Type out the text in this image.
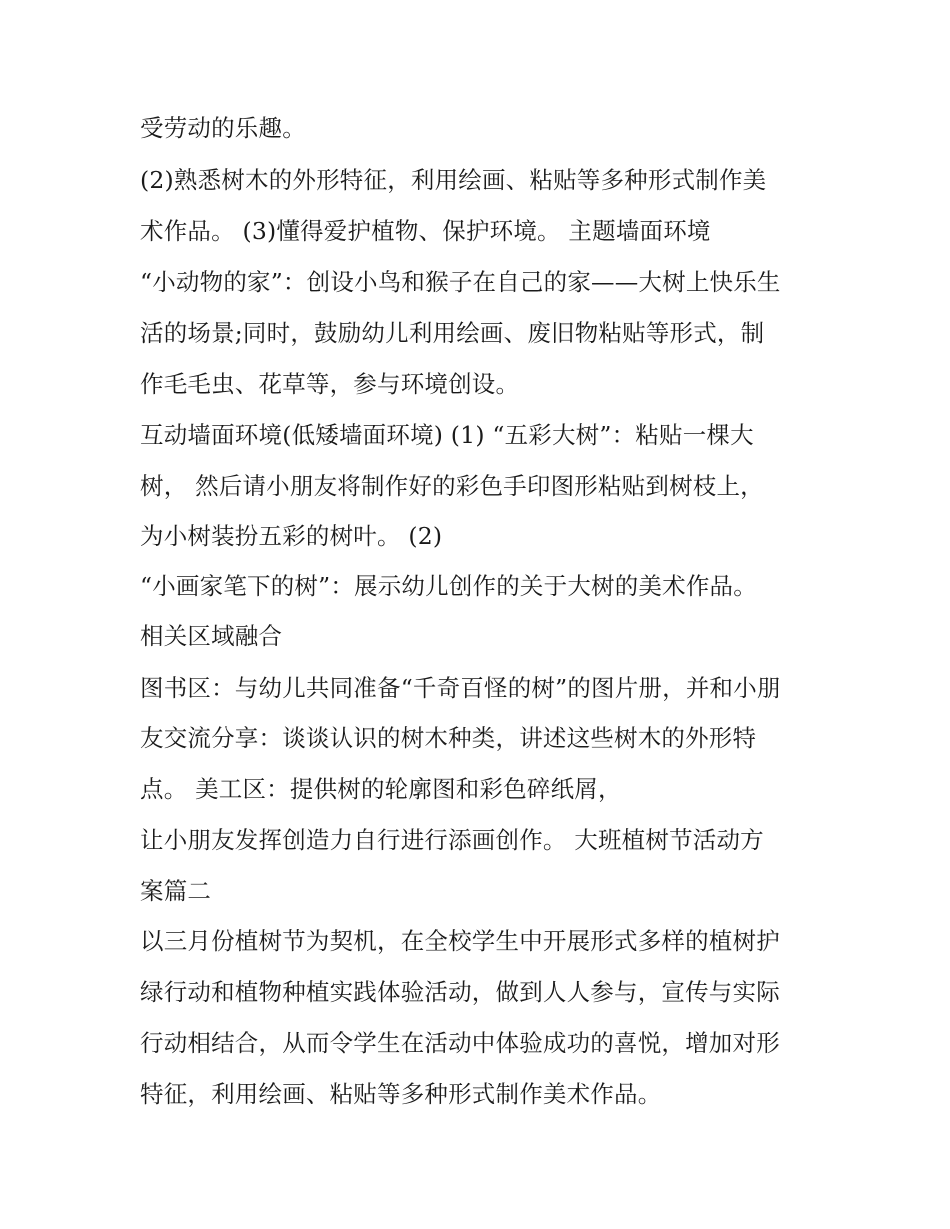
受劳动的乐趣。
(2)熟悉树木的外形特征，利用绘画、粘贴等多种形式制作美
术作品。 (3)懂得爱护植物、保护环境。 主题墙面环境
“小动物的家”：创设小鸟和猴子在自己的家——大树上快乐生
活的场景;同时，鼓励幼儿利用绘画、废旧物粘贴等形式，制
作毛毛虫、花草等，参与环境创设。
互动墙面环境(低矮墙面环境) (1) “五彩大树”：粘贴一棵大
树， 然后请小朋友将制作好的彩色手印图形粘贴到树枝上，
为小树装扮五彩的树叶。 (2)
“小画家笔下的树”：展示幼儿创作的关于大树的美术作品。
相关区域融合
图书区：与幼儿共同准备“千奇百怪的树”的图片册，并和小朋
友交流分享：谈谈认识的树木种类，讲述这些树木的外形特
点。 美工区：提供树的轮廓图和彩色碎纸屑，
让小朋友发挥创造力自行进行添画创作。 大班植树节活动方
案篇二
以三月份植树节为契机，在全校学生中开展形式多样的植树护
绿行动和植物种植实践体验活动，做到人人参与，宣传与实际
行动相结合，从而令学生在活动中体验成功的喜悦，增加对形
特征，利用绘画、粘贴等多种形式制作美术作品。
